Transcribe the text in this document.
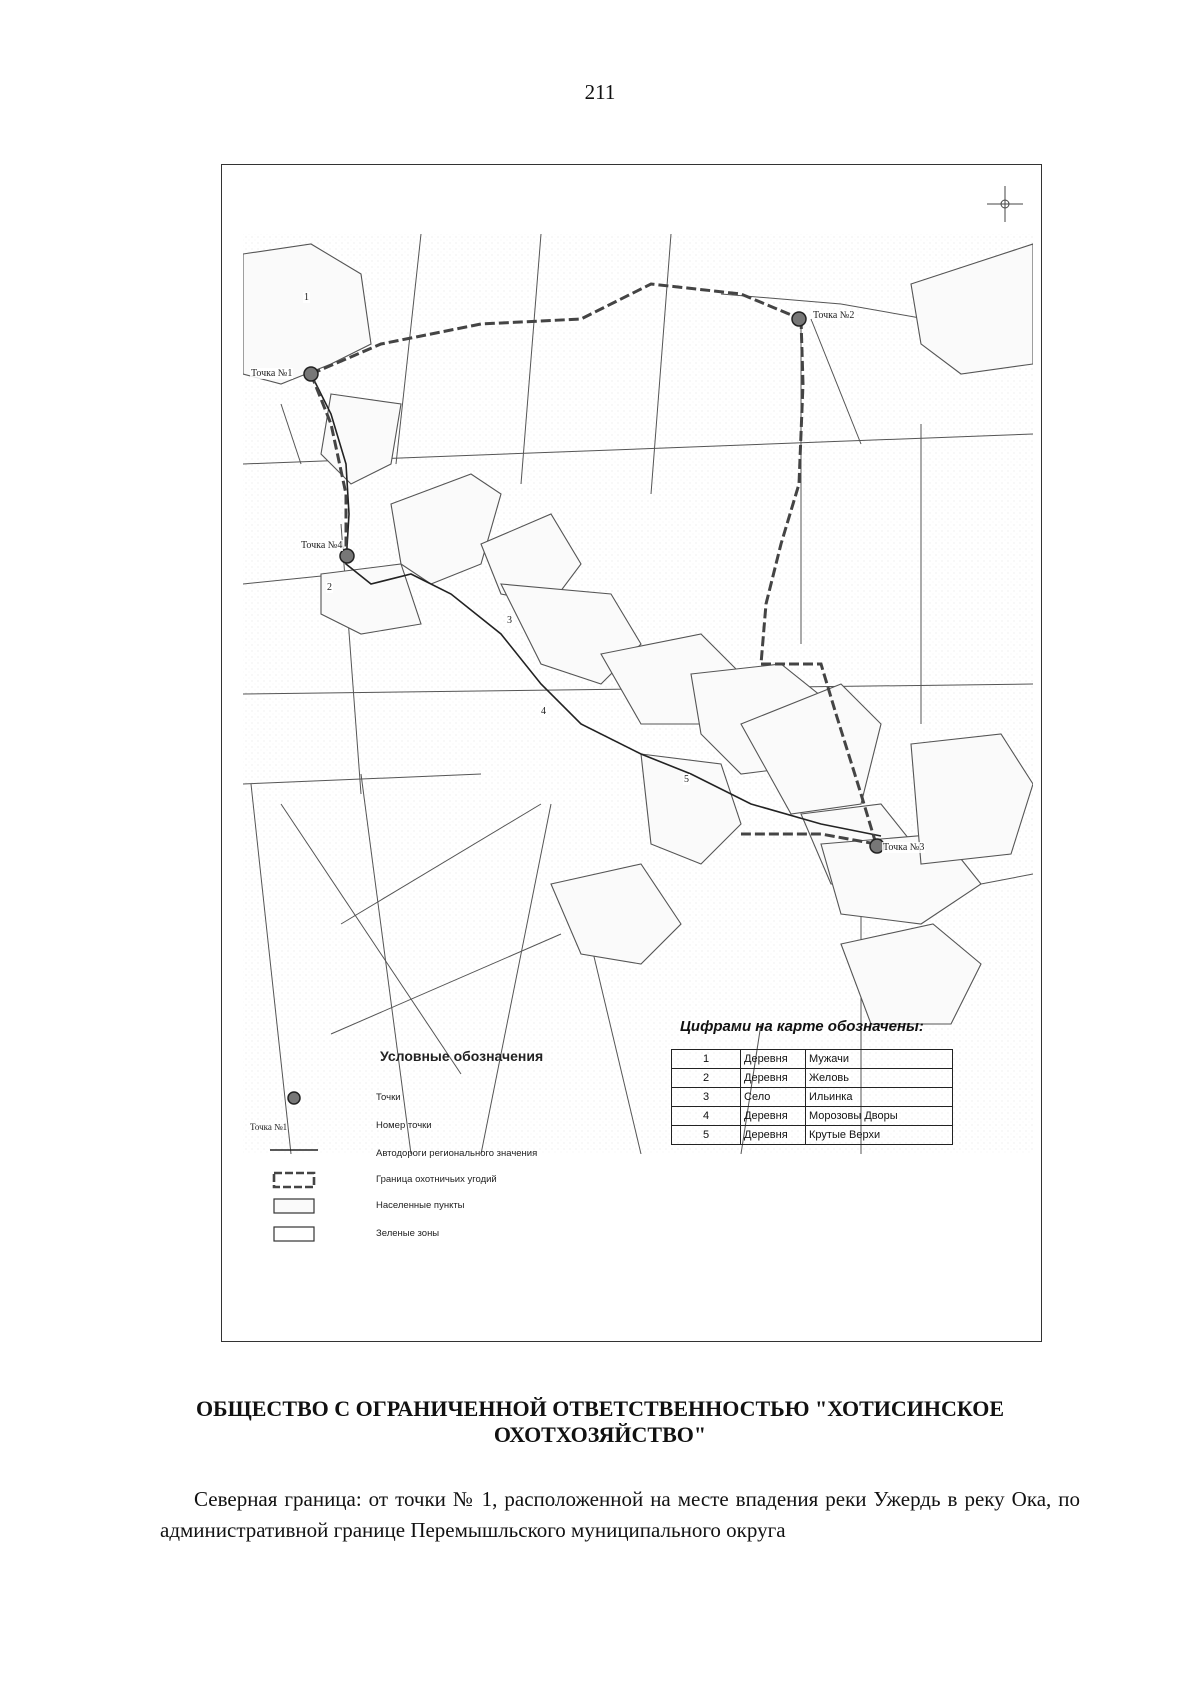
211
Точка №1
Точка №2
Точка №3
Точка №4
1
2
3
4
5
Цифрами на карте обозначены:
1	Деревня	Мужачи
2	Деревня	Желовь
3	Село	Ильинка
4	Деревня	Морозовы Дворы
5	Деревня	Крутые Верхи
Условные обозначения
Точки
Точка №1	Номер точки
Автодороги регионального значения
Граница охотничьих угодий
Населенные пункты
Зеленые зоны
ОБЩЕСТВО С ОГРАНИЧЕННОЙ ОТВЕТСТВЕННОСТЬЮ "ХОТИСИНСКОЕ
ОХОТХОЗЯЙСТВО"
Северная граница: от точки № 1, расположенной на месте впадения реки Ужердь в реку Ока, по административной границе Перемышльского муниципального округа
